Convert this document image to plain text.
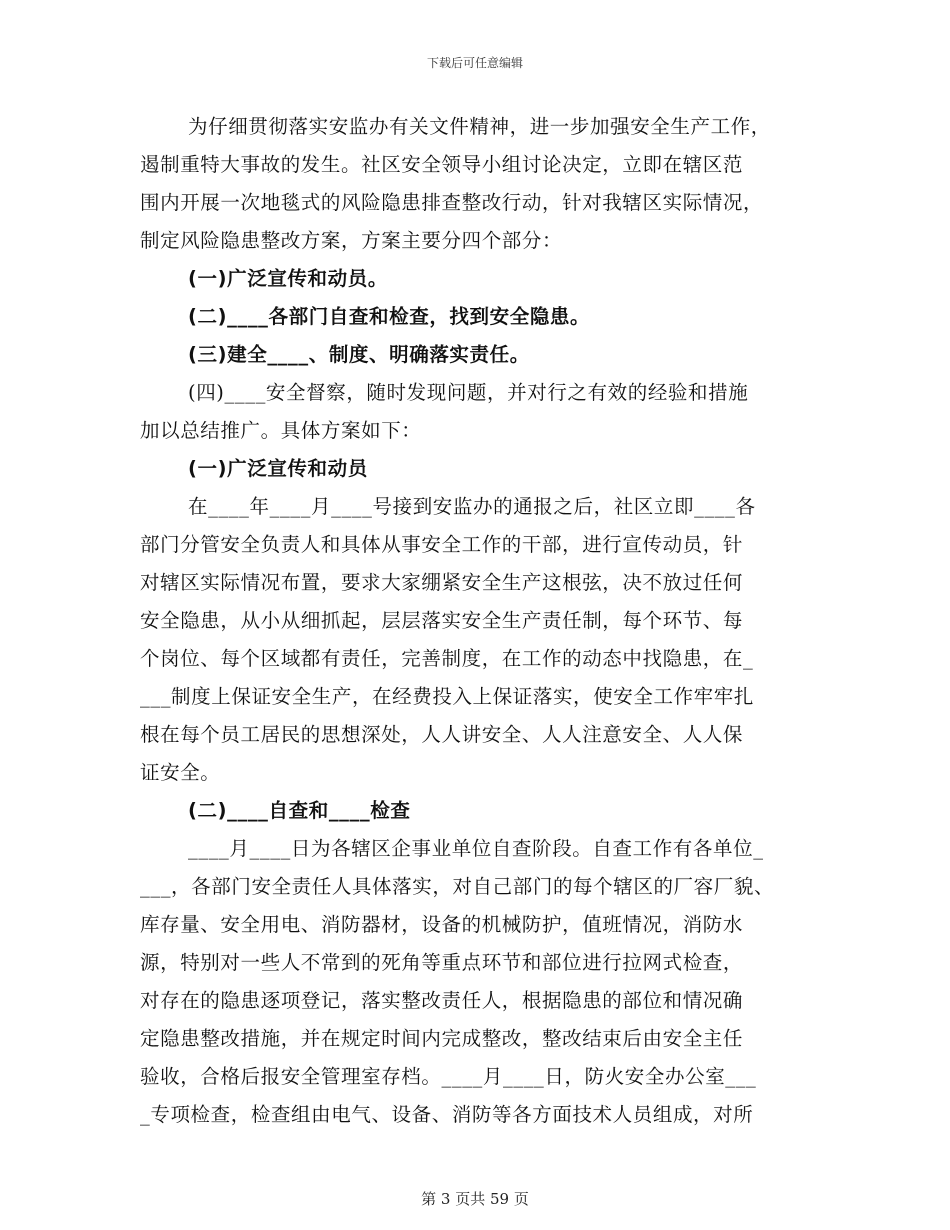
下载后可任意编辑
为仔细贯彻落实安监办有关文件精神，进一步加强安全生产工作，
遏制重特大事故的发生。社区安全领导小组讨论决定，立即在辖区范
围内开展一次地毯式的风险隐患排查整改行动，针对我辖区实际情况，
制定风险隐患整改方案，方案主要分四个部分：
(一)广泛宣传和动员。
(二)____各部门自查和检查，找到安全隐患。
(三)建全____、制度、明确落实责任。
(四)____安全督察，随时发现问题，并对行之有效的经验和措施
加以总结推广。具体方案如下：
(一)广泛宣传和动员
在____年____月____号接到安监办的通报之后，社区立即____各
部门分管安全负责人和具体从事安全工作的干部，进行宣传动员，针
对辖区实际情况布置，要求大家绷紧安全生产这根弦，决不放过任何
安全隐患，从小从细抓起，层层落实安全生产责任制，每个环节、每
个岗位、每个区域都有责任，完善制度，在工作的动态中找隐患，在_
___制度上保证安全生产，在经费投入上保证落实，使安全工作牢牢扎
根在每个员工居民的思想深处，人人讲安全、人人注意安全、人人保
证安全。
(二)____自查和____检查
____月____日为各辖区企事业单位自查阶段。自查工作有各单位_
___，各部门安全责任人具体落实，对自己部门的每个辖区的厂容厂貌、
库存量、安全用电、消防器材，设备的机械防护，值班情况，消防水
源，特别对一些人不常到的死角等重点环节和部位进行拉网式检查，
对存在的隐患逐项登记，落实整改责任人，根据隐患的部位和情况确
定隐患整改措施，并在规定时间内完成整改，整改结束后由安全主任
验收，合格后报安全管理室存档。____月____日，防火安全办公室___
_专项检查，检查组由电气、设备、消防等各方面技术人员组成，对所
第 3 页共 59 页
